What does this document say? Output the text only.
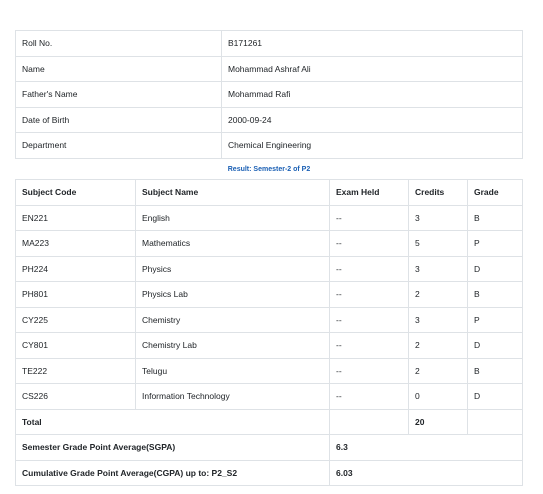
Roll No.	B171261
Name	Mohammad Ashraf Ali
Father's Name	Mohammad Rafi
Date of Birth	2000-09-24
Department	Chemical Engineering
Result: Semester-2 of P2
Subject Code	Subject Name	Exam Held	Credits	Grade
EN221	English	--	3	B
MA223	Mathematics	--	5	P
PH224	Physics	--	3	D
PH801	Physics Lab	--	2	B
CY225	Chemistry	--	3	P
CY801	Chemistry Lab	--	2	D
TE222	Telugu	--	2	B
CS226	Information Technology	--	0	D
Total			20	
Semester Grade Point Average(SGPA)		6.3		
Cumulative Grade Point Average(CGPA) up to: P2_S2		6.03		
